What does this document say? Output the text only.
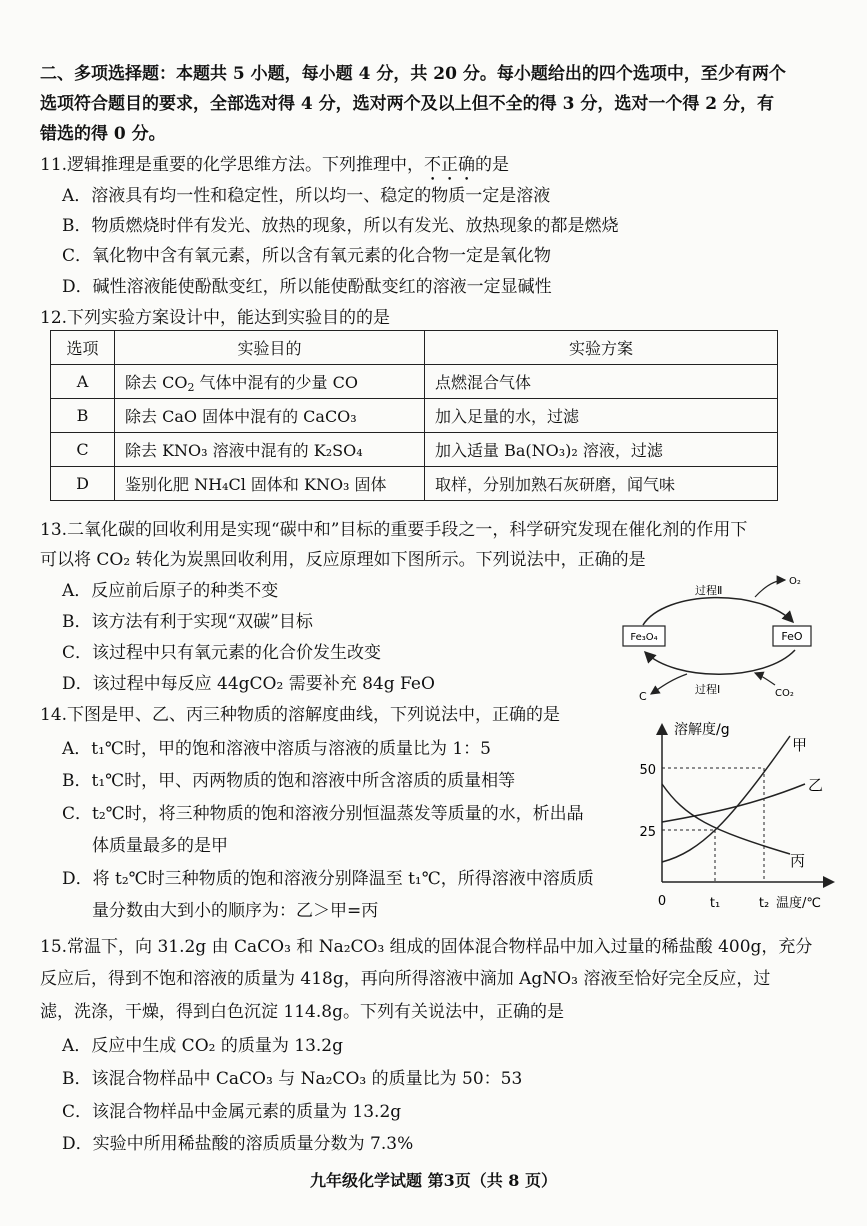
二、多项选择题：本题共 5 小题，每小题 4 分，共 20 分。每小题给出的四个选项中，至少有两个
选项符合题目的要求，全部选对得 4 分，选对两个及以上但不全的得 3 分，选对一个得 2 分，有
错选的得 0 分。
11.逻辑推理是重要的化学思维方法。下列推理中，不正确的是
A．溶液具有均一性和稳定性，所以均一、稳定的物质一定是溶液
B．物质燃烧时伴有发光、放热的现象，所以有发光、放热现象的都是燃烧
C．氧化物中含有氧元素，所以含有氧元素的化合物一定是氧化物
D．碱性溶液能使酚酞变红，所以能使酚酞变红的溶液一定显碱性
12.下列实验方案设计中，能达到实验目的的是
选项	实验目的	实验方案
A	除去 $CO_2$ 气体中混有的少量 CO	点燃混合气体
B	除去 CaO 固体中混有的 CaCO₃	加入足量的水，过滤
C	除去 KNO₃ 溶液中混有的 K₂SO₄	加入适量 Ba(NO₃)₂ 溶液，过滤
D	鉴别化肥 NH₄Cl 固体和 KNO₃ 固体	取样，分别加熟石灰研磨，闻气味
13.二氧化碳的回收利用是实现“碳中和”目标的重要手段之一，科学研究发现在催化剂的作用下
可以将 CO₂ 转化为炭黑回收利用，反应原理如下图所示。下列说法中，正确的是
A．反应前后原子的种类不变
B．该方法有利于实现“双碳”目标
C．该过程中只有氧元素的化合价发生改变
D．该过程中每反应 44gCO₂ 需要补充 84g FeO
Fe₃O₄	FeO
过程Ⅱ
过程Ⅰ
O₂
CO₂
C
14.下图是甲、乙、丙三种物质的溶解度曲线，下列说法中，正确的是
A．t₁℃时，甲的饱和溶液中溶质与溶液的质量比为 1：5
B．t₁℃时，甲、丙两物质的饱和溶液中所含溶质的质量相等
C．t₂℃时，将三种物质的饱和溶液分别恒温蒸发等质量的水，析出晶
体质量最多的是甲
D．将 t₂℃时三种物质的饱和溶液分别降温至 t₁℃，所得溶液中溶质质
量分数由大到小的顺序为：乙＞甲=丙
溶解度/g
0
50
25
t₁	t₂ 温度/℃
甲
乙
丙
15.常温下，向 31.2g 由 CaCO₃ 和 Na₂CO₃ 组成的固体混合物样品中加入过量的稀盐酸 400g，充分
反应后，得到不饱和溶液的质量为 418g，再向所得溶液中滴加 AgNO₃ 溶液至恰好完全反应，过
滤，洗涤，干燥，得到白色沉淀 114.8g。下列有关说法中，正确的是
A．反应中生成 CO₂ 的质量为 13.2g
B．该混合物样品中 CaCO₃ 与 Na₂CO₃ 的质量比为 50：53
C．该混合物样品中金属元素的质量为 13.2g
D．实验中所用稀盐酸的溶质质量分数为 7.3%
九年级化学试题 第3页（共 8 页）
